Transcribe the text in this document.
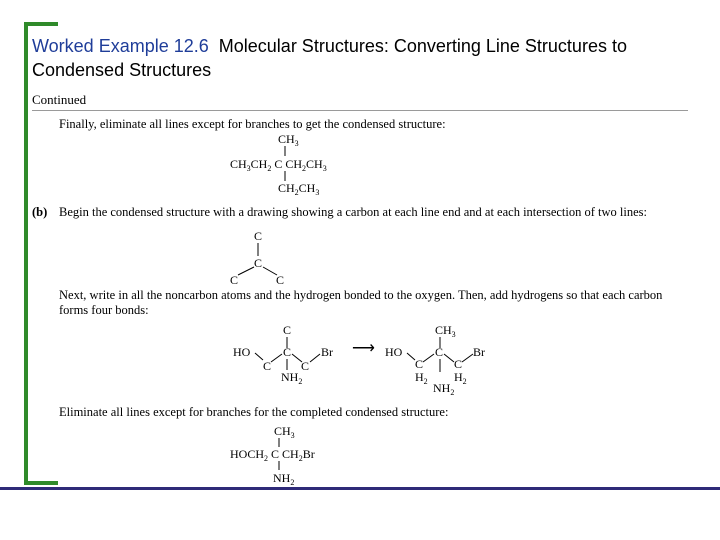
Worked Example 12.6 Molecular Structures: Converting Line Structures to Condensed Structures
Continued
Finally, eliminate all lines except for branches to get the condensed structure:
$CH_3$
$CH_3CH_2$ C $CH_2CH_3$
$CH_2CH_3$
(b) Begin the condensed structure with a drawing showing a carbon at each line end and at each intersection of two lines:
C
C
C	C
Next, write in all the noncarbon atoms and the hydrogen bonded to the oxygen. Then, add hydrogens so that each carbon forms four bonds:
C
HO
C
C
C
Br
$NH_2$
⟶
$CH_3$
HO
C
C
C
Br
$H_2$ $H_2$
$NH_2$
Eliminate all lines except for branches for the completed condensed structure:
$CH_3$
$HOCH_2$ C $CH_2Br$
$NH_2$
